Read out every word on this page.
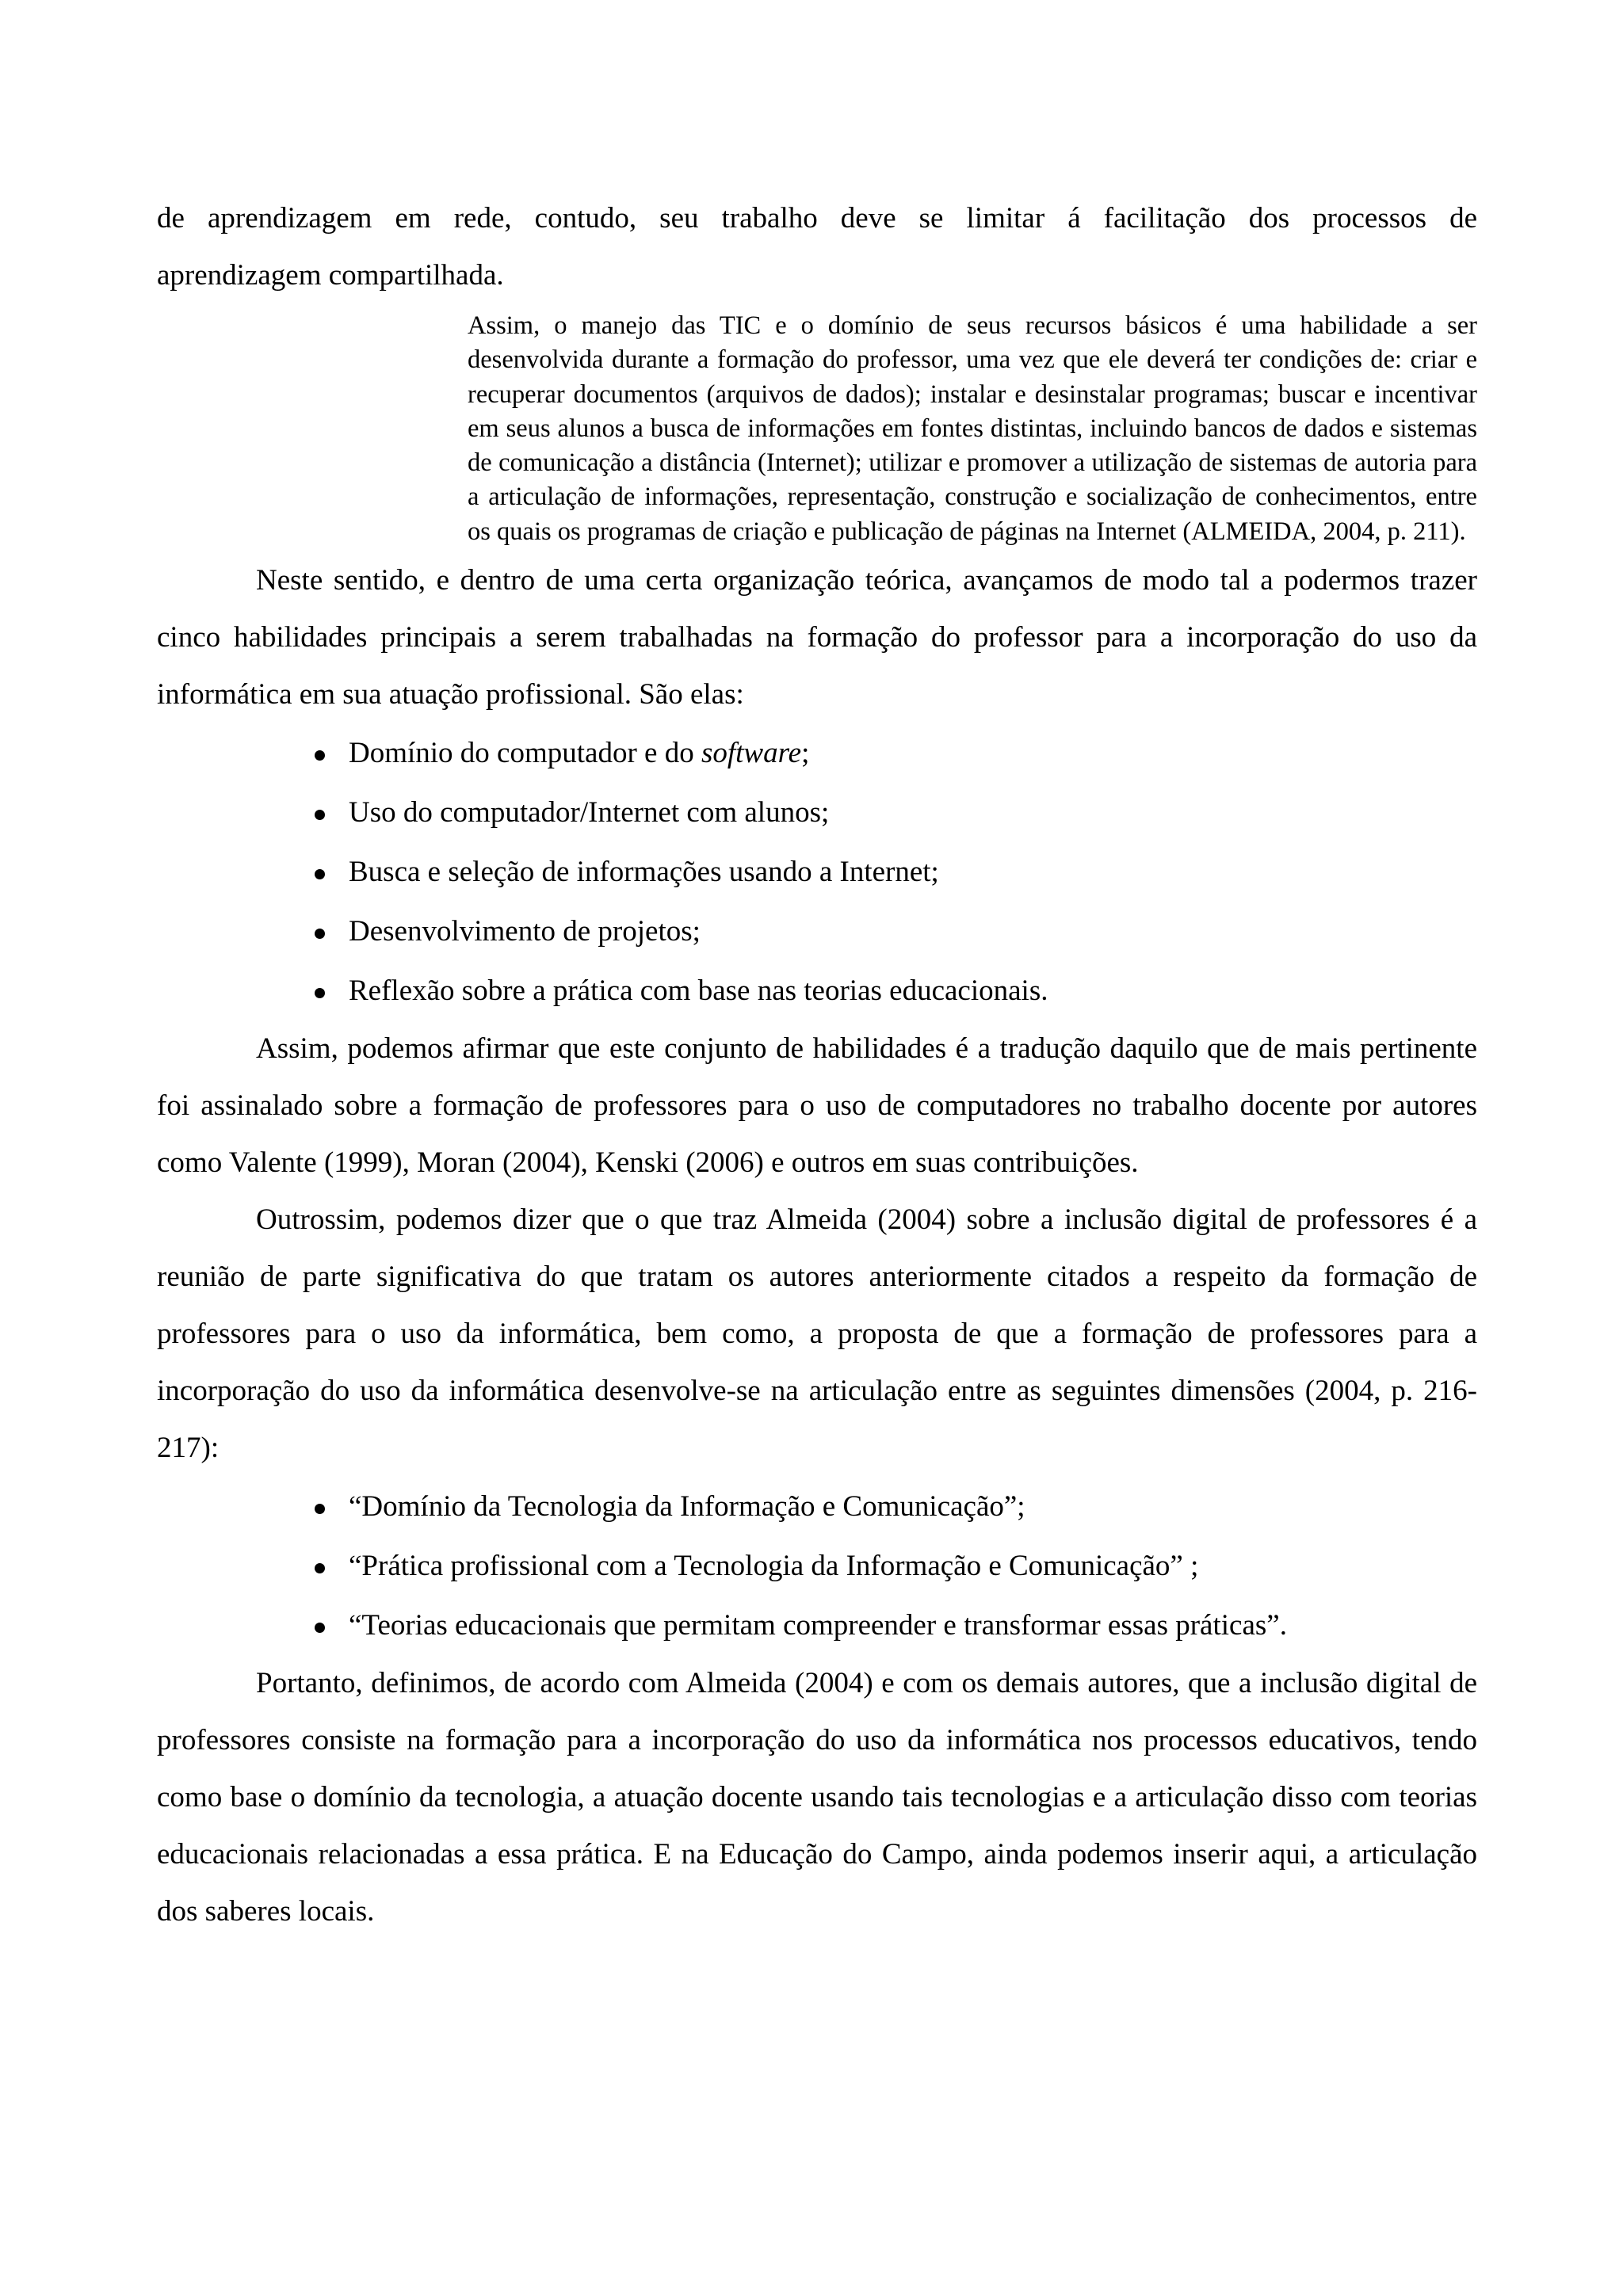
de aprendizagem em rede, contudo, seu trabalho deve se limitar á facilitação dos processos de

aprendizagem compartilhada.

Assim, o manejo das TIC e o domínio de seus recursos básicos é uma habilidade a ser desenvolvida durante a formação do professor, uma vez que ele deverá ter condições de: criar e recuperar documentos (arquivos de dados); instalar e desinstalar programas; buscar e incentivar em seus alunos a busca de informações em fontes distintas, incluindo bancos de dados e sistemas de comunicação a distância (Internet); utilizar e promover a utilização de sistemas de autoria para a articulação de informações, representação, construção e socialização de conhecimentos, entre os quais os programas de criação e publicação de páginas na Internet (ALMEIDA, 2004, p. 211).

Neste sentido, e dentro de uma certa organização teórica, avançamos de modo tal a podermos trazer cinco habilidades principais a serem trabalhadas na formação do professor para a incorporação do uso da informática em sua atuação profissional. São elas:

Domínio do computador e do software;
Uso do computador/Internet com alunos;
Busca e seleção de informações usando a Internet;
Desenvolvimento de projetos;
Reflexão sobre a prática com base nas teorias educacionais.

Assim, podemos afirmar que este conjunto de habilidades é a tradução daquilo que de mais pertinente foi assinalado sobre a formação de professores para o uso de computadores no trabalho docente por autores como Valente (1999), Moran (2004), Kenski (2006) e outros em suas contribuições.

Outrossim, podemos dizer que o que traz Almeida (2004) sobre a inclusão digital de professores é a reunião de parte significativa do que tratam os autores anteriormente citados a respeito da formação de professores para o uso da informática, bem como, a proposta de que a formação de professores para a incorporação do uso da informática desenvolve-se na articulação entre as seguintes dimensões (2004, p. 216-217):

“Domínio da Tecnologia da Informação e Comunicação”;
“Prática profissional com a Tecnologia da Informação e Comunicação” ;
“Teorias educacionais que permitam compreender e transformar essas práticas”.

Portanto, definimos, de acordo com Almeida (2004) e com os demais autores, que a inclusão digital de professores consiste na formação para a incorporação do uso da informática nos processos educativos, tendo como base o domínio da tecnologia, a atuação docente usando tais tecnologias e a articulação disso com teorias educacionais relacionadas a essa prática. E na Educação do Campo, ainda podemos inserir aqui, a articulação dos saberes locais.
